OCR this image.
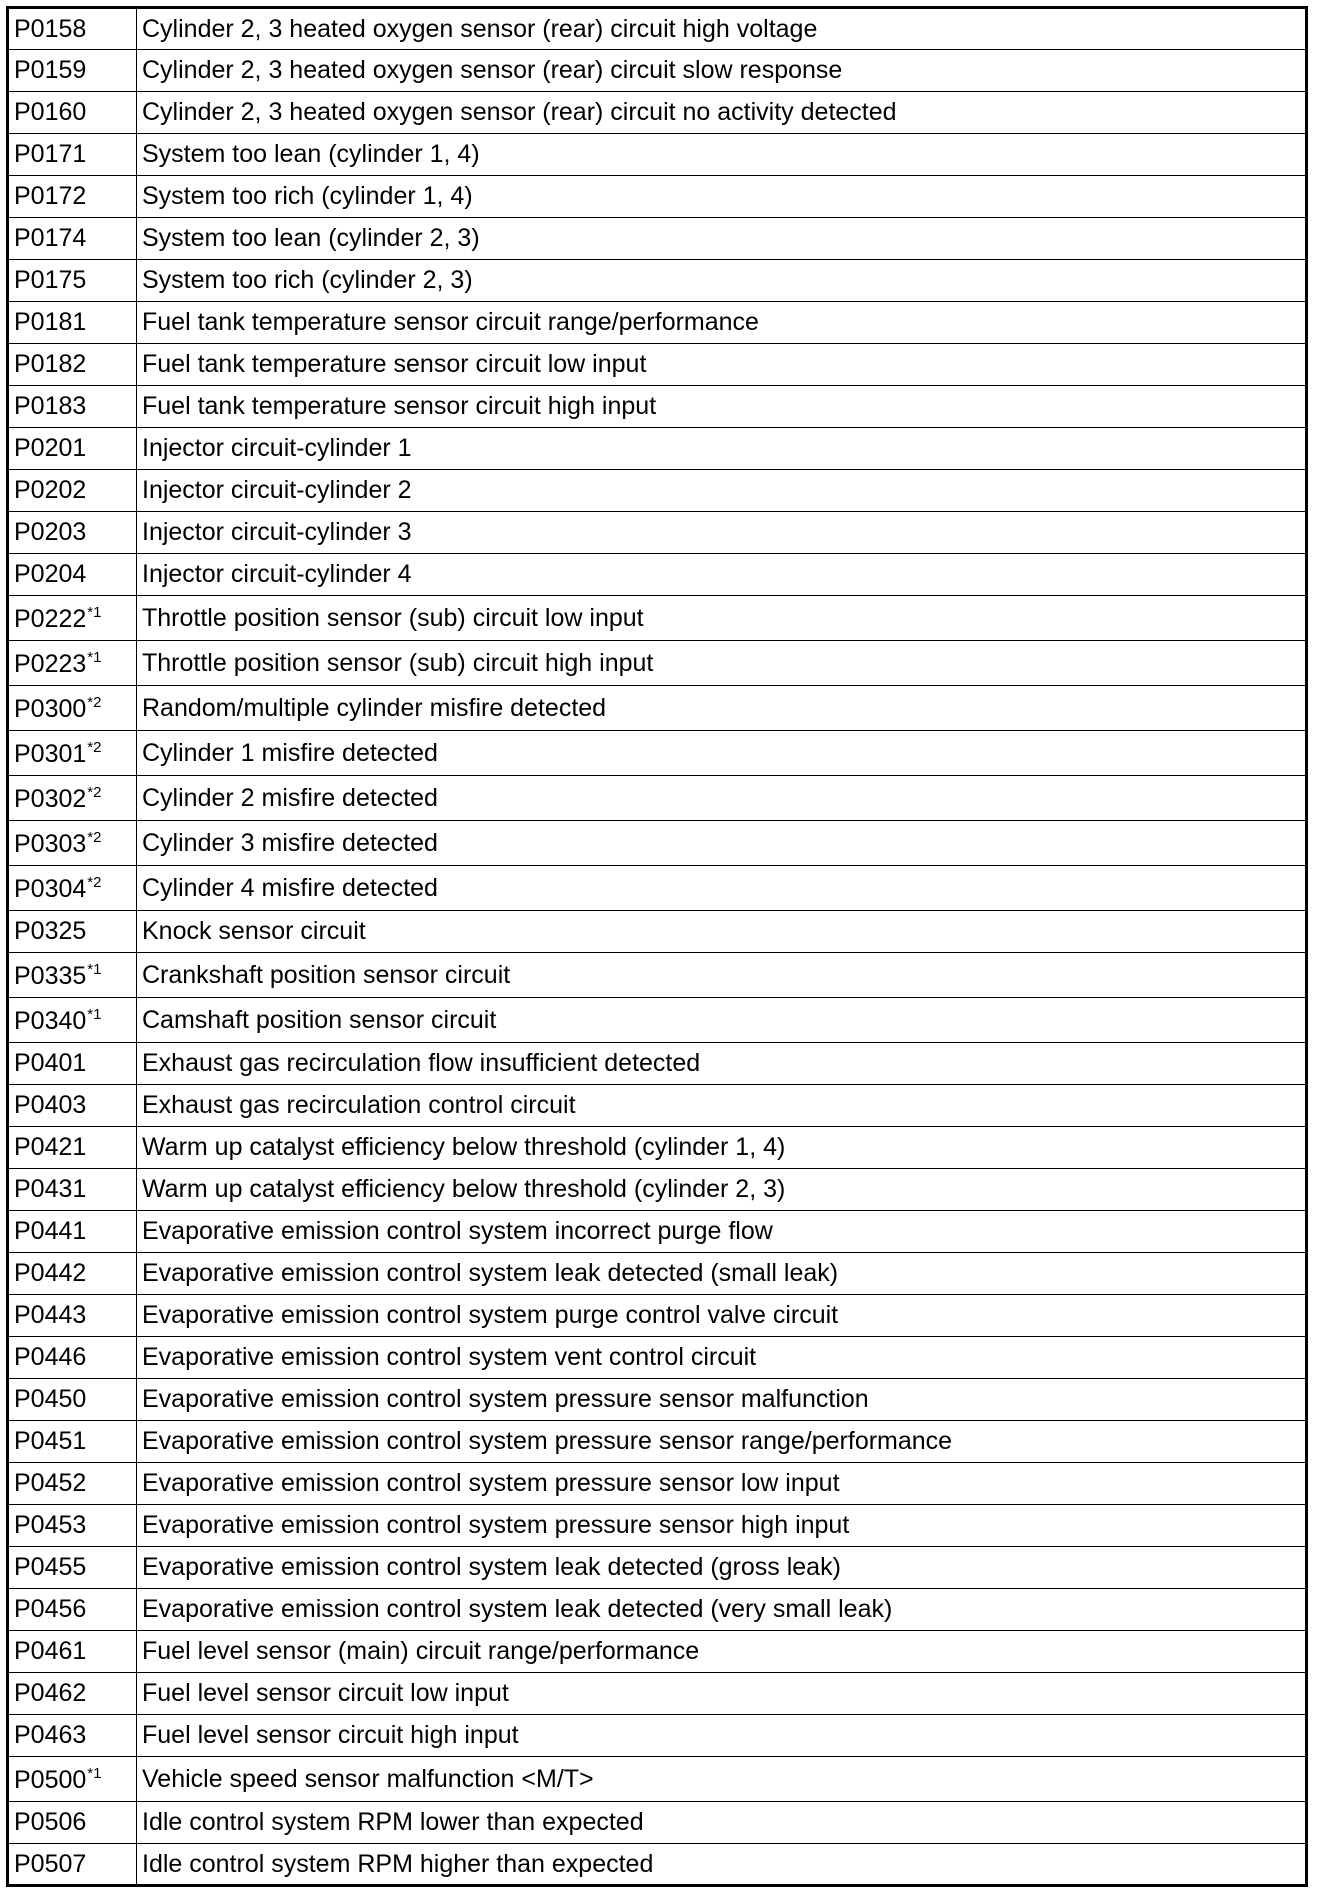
P0158	Cylinder 2, 3 heated oxygen sensor (rear) circuit high voltage
P0159	Cylinder 2, 3 heated oxygen sensor (rear) circuit slow response
P0160	Cylinder 2, 3 heated oxygen sensor (rear) circuit no activity detected
P0171	System too lean (cylinder 1, 4)
P0172	System too rich (cylinder 1, 4)
P0174	System too lean (cylinder 2, 3)
P0175	System too rich (cylinder 2, 3)
P0181	Fuel tank temperature sensor circuit range/performance
P0182	Fuel tank temperature sensor circuit low input
P0183	Fuel tank temperature sensor circuit high input
P0201	Injector circuit-cylinder 1
P0202	Injector circuit-cylinder 2
P0203	Injector circuit-cylinder 3
P0204	Injector circuit-cylinder 4
P0222$^{*1}$	Throttle position sensor (sub) circuit low input
P0223$^{*1}$	Throttle position sensor (sub) circuit high input
P0300$^{*2}$	Random/multiple cylinder misfire detected
P0301$^{*2}$	Cylinder 1 misfire detected
P0302$^{*2}$	Cylinder 2 misfire detected
P0303$^{*2}$	Cylinder 3 misfire detected
P0304$^{*2}$	Cylinder 4 misfire detected
P0325	Knock sensor circuit
P0335$^{*1}$	Crankshaft position sensor circuit
P0340$^{*1}$	Camshaft position sensor circuit
P0401	Exhaust gas recirculation flow insufficient detected
P0403	Exhaust gas recirculation control circuit
P0421	Warm up catalyst efficiency below threshold (cylinder 1, 4)
P0431	Warm up catalyst efficiency below threshold (cylinder 2, 3)
P0441	Evaporative emission control system incorrect purge flow
P0442	Evaporative emission control system leak detected (small leak)
P0443	Evaporative emission control system purge control valve circuit
P0446	Evaporative emission control system vent control circuit
P0450	Evaporative emission control system pressure sensor malfunction
P0451	Evaporative emission control system pressure sensor range/performance
P0452	Evaporative emission control system pressure sensor low input
P0453	Evaporative emission control system pressure sensor high input
P0455	Evaporative emission control system leak detected (gross leak)
P0456	Evaporative emission control system leak detected (very small leak)
P0461	Fuel level sensor (main) circuit range/performance
P0462	Fuel level sensor circuit low input
P0463	Fuel level sensor circuit high input
P0500$^{*1}$	Vehicle speed sensor malfunction <M/T>
P0506	Idle control system RPM lower than expected
P0507	Idle control system RPM higher than expected
